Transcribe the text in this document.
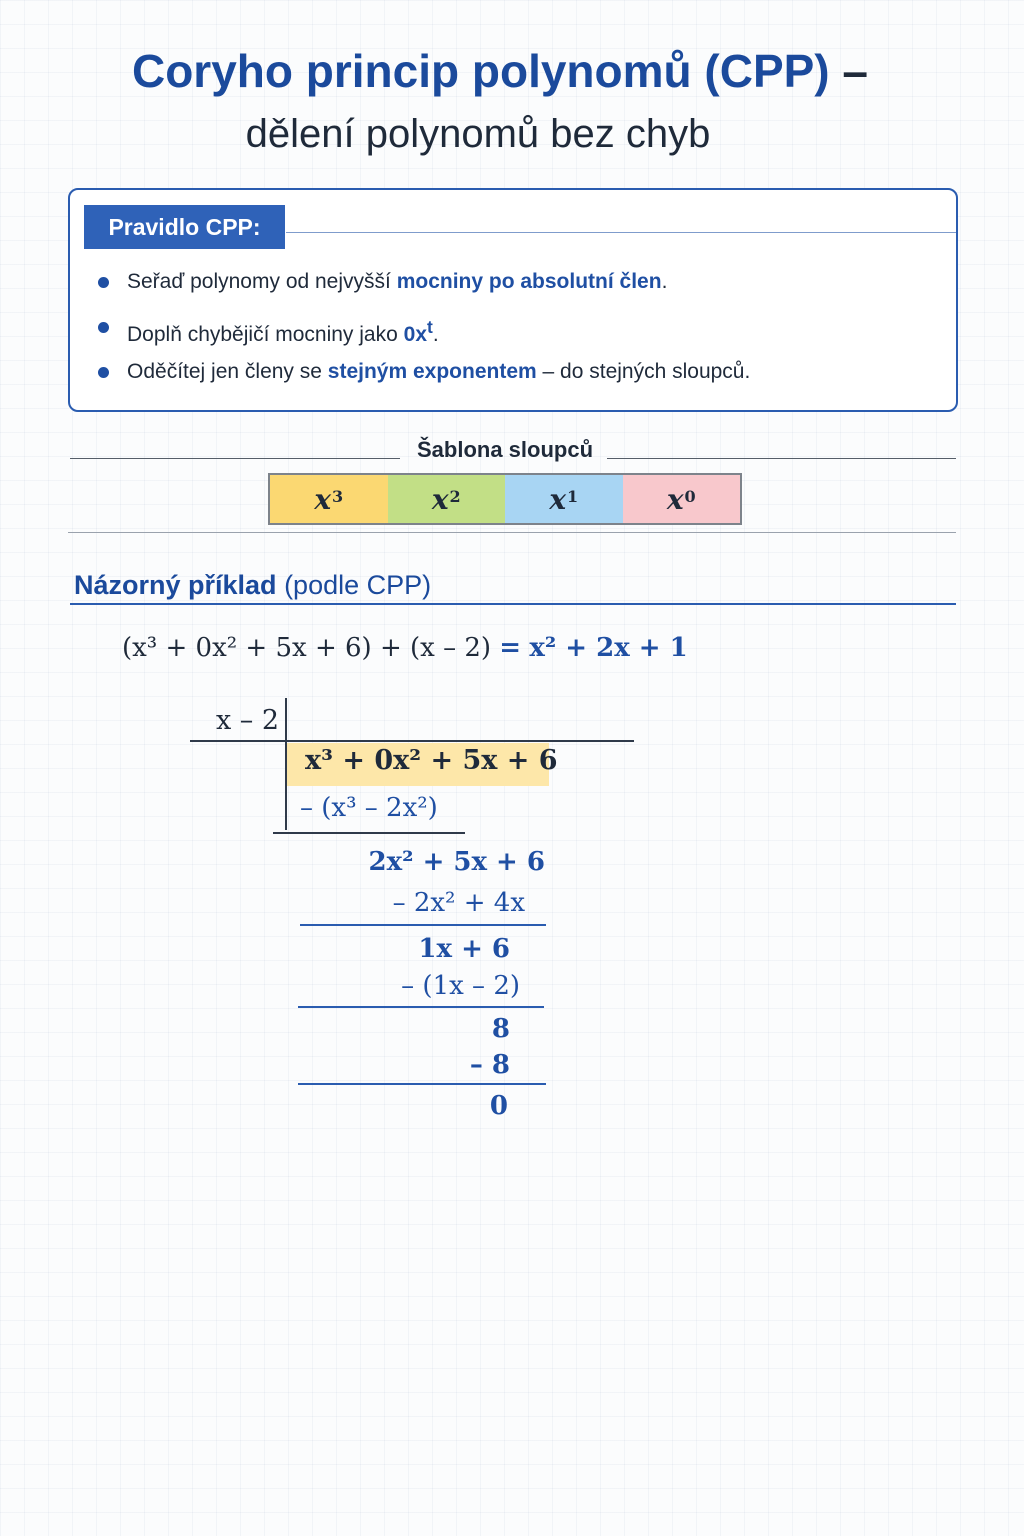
Coryho princip polynomů (CPP) –
dělení polynomů bez chyb
Pravidlo CPP:
Seřaď polynomy od nejvyšší mocniny po absolutní člen.
Doplň chybějičí mocniny jako $0x^t$.
Oděčítej jen členy se stejným exponentem – do stejných sloupců.
Šablona sloupců
$x^3$	$x^2$	$x^1$	$x^0$
Názorný příklad (podle CPP)
(x³ + 0x² + 5x + 6) + (x – 2) = x² + 2x + 1
x – 2
x³ + 0x² + 5x + 6
– (x³ – 2x²)
2x² + 5x + 6
– 2x² + 4x
1x + 6
– (1x – 2)
8
– 8
0
